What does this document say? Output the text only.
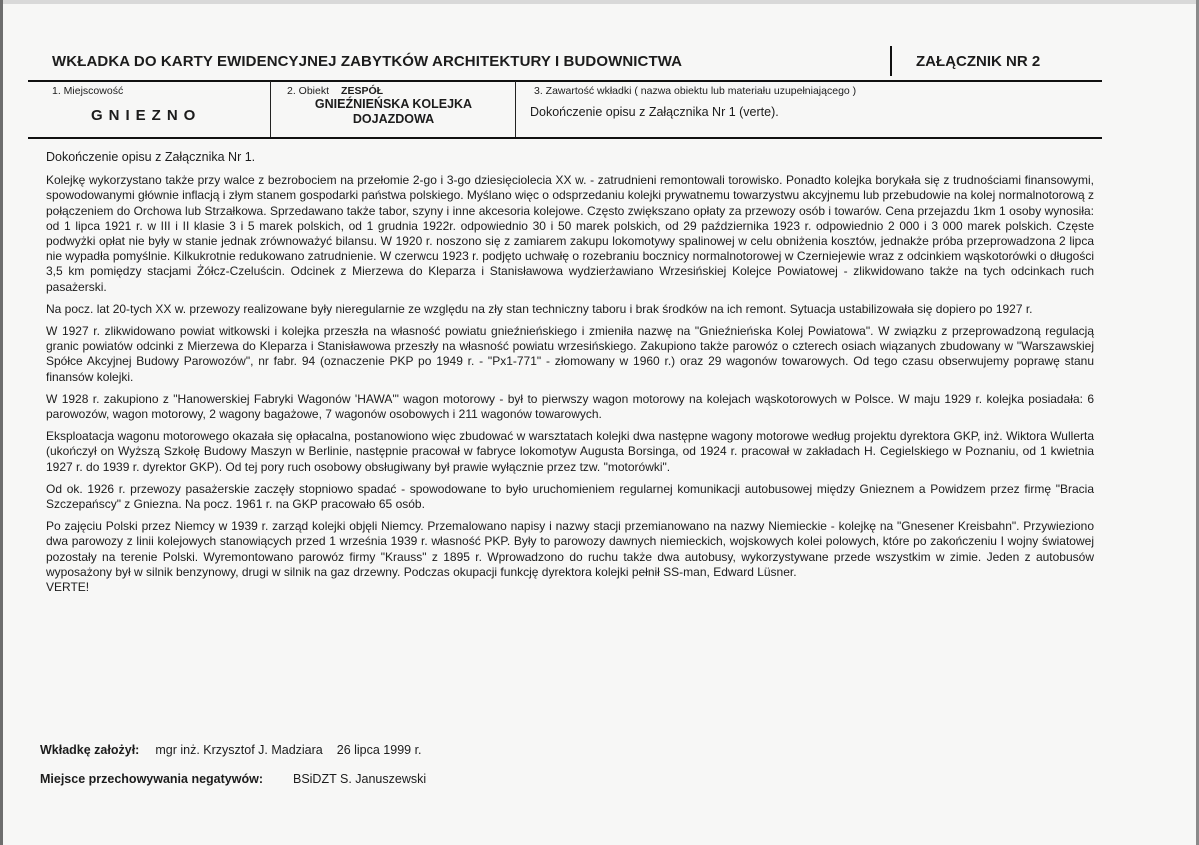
WKŁADKA DO KARTY EWIDENCYJNEJ ZABYTKÓW ARCHITEKTURY I BUDOWNICTWA	ZAŁĄCZNIK NR 2
1. Miejscowość
GNIEZNO
2. Obiekt ZESPÓŁ
GNIEŹNIEŃSKA KOLEJKA
DOJAZDOWA
3. Zawartość wkładki ( nazwa obiektu lub materiału uzupełniającego )
Dokończenie opisu z Załącznika Nr 1 (verte).

Dokończenie opisu z Załącznika Nr 1.

Kolejkę wykorzystano także przy walce z bezrobociem na przełomie 2-go i 3-go dziesięciolecia XX w. - zatrudnieni remontowali torowisko. Ponadto kolejka borykała się z trudnościami finansowymi, spowodowanymi głównie inflacją i złym stanem gospodarki państwa polskiego. Myślano więc o odsprzedaniu kolejki prywatnemu towarzystwu akcyjnemu lub przebudowie na kolej normalnotorową z połączeniem do Orchowa lub Strzałkowa. Sprzedawano także tabor, szyny i inne akcesoria kolejowe. Często zwiększano opłaty za przewozy osób i towarów. Cena przejazdu 1km 1 osoby wynosiła: od 1 lipca 1921 r. w III i II klasie 3 i 5 marek polskich, od 1 grudnia 1922r. odpowiednio 30 i 50 marek polskich, od 29 października 1923 r. odpowiednio 2 000 i 3 000 marek polskich. Częste podwyżki opłat nie były w stanie jednak zrównoważyć bilansu. W 1920 r. noszono się z zamiarem zakupu lokomotywy spalinowej w celu obniżenia kosztów, jednakże próba przeprowadzona 2 lipca nie wypadła pomyślnie. Kilkukrotnie redukowano zatrudnienie. W czerwcu 1923 r. podjęto uchwałę o rozebraniu bocznicy normalnotorowej w Czerniejewie wraz z odcinkiem wąskotorówki o długości 3,5 km pomiędzy stacjami Żółcz-Czeluścin. Odcinek z Mierzewa do Kleparza i Stanisławowa wydzierżawiano Wrzesińskiej Kolejce Powiatowej - zlikwidowano także na tych odcinkach ruch pasażerski.

Na pocz. lat 20-tych XX w. przewozy realizowane były nieregularnie ze względu na zły stan techniczny taboru i brak środków na ich remont. Sytuacja ustabilizowała się dopiero po 1927 r.

W 1927 r. zlikwidowano powiat witkowski i kolejka przeszła na własność powiatu gnieźnieńskiego i zmieniła nazwę na "Gnieźnieńska Kolej Powiatowa". W związku z przeprowadzoną regulacją granic powiatów odcinki z Mierzewa do Kleparza i Stanisławowa przeszły na własność powiatu wrzesińskiego. Zakupiono także parowóz o czterech osiach wiązanych zbudowany w "Warszawskiej Spółce Akcyjnej Budowy Parowozów", nr fabr. 94 (oznaczenie PKP po 1949 r. - "Px1-771" - złomowany w 1960 r.) oraz 29 wagonów towarowych. Od tego czasu obserwujemy poprawę stanu finansów kolejki.

W 1928 r. zakupiono z "Hanowerskiej Fabryki Wagonów 'HAWA'" wagon motorowy - był to pierwszy wagon motorowy na kolejach wąskotorowych w Polsce. W maju 1929 r. kolejka posiadała: 6 parowozów, wagon motorowy, 2 wagony bagażowe, 7 wagonów osobowych i 211 wagonów towarowych.

Eksploatacja wagonu motorowego okazała się opłacalna, postanowiono więc zbudować w warsztatach kolejki dwa następne wagony motorowe według projektu dyrektora GKP, inż. Wiktora Wullerta (ukończył on Wyższą Szkołę Budowy Maszyn w Berlinie, następnie pracował w fabryce lokomotyw Augusta Borsinga, od 1924 r. pracował w zakładach H. Cegielskiego w Poznaniu, od 1 kwietnia 1927 r. do 1939 r. dyrektor GKP). Od tej pory ruch osobowy obsługiwany był prawie wyłącznie przez tzw. "motorówki".

Od ok. 1926 r. przewozy pasażerskie zaczęły stopniowo spadać - spowodowane to było uruchomieniem regularnej komunikacji autobusowej między Gnieznem a Powidzem przez firmę "Bracia Szczepańscy" z Gniezna. Na pocz. 1961 r. na GKP pracowało 65 osób.

Po zajęciu Polski przez Niemcy w 1939 r. zarząd kolejki objęli Niemcy. Przemalowano napisy i nazwy stacji przemianowano na nazwy Niemieckie - kolejkę na "Gnesener Kreisbahn". Przywieziono dwa parowozy z linii kolejowych stanowiących przed 1 września 1939 r. własność PKP. Były to parowozy dawnych niemieckich, wojskowych kolei polowych, które po zakończeniu I wojny światowej pozostały na terenie Polski. Wyremontowano parowóz firmy "Krauss" z 1895 r. Wprowadzono do ruchu także dwa autobusy, wykorzystywane przede wszystkim w zimie. Jeden z autobusów wyposażony był w silnik benzynowy, drugi w silnik na gaz drzewny. Podczas okupacji funkcję dyrektora kolejki pełnił SS-man, Edward Lüsner.

VERTE!

Wkładkę założył: mgr inż. Krzysztof J. Madziara 26 lipca 1999 r.
Miejsce przechowywania negatywów: BSiDZT S. Januszewski
